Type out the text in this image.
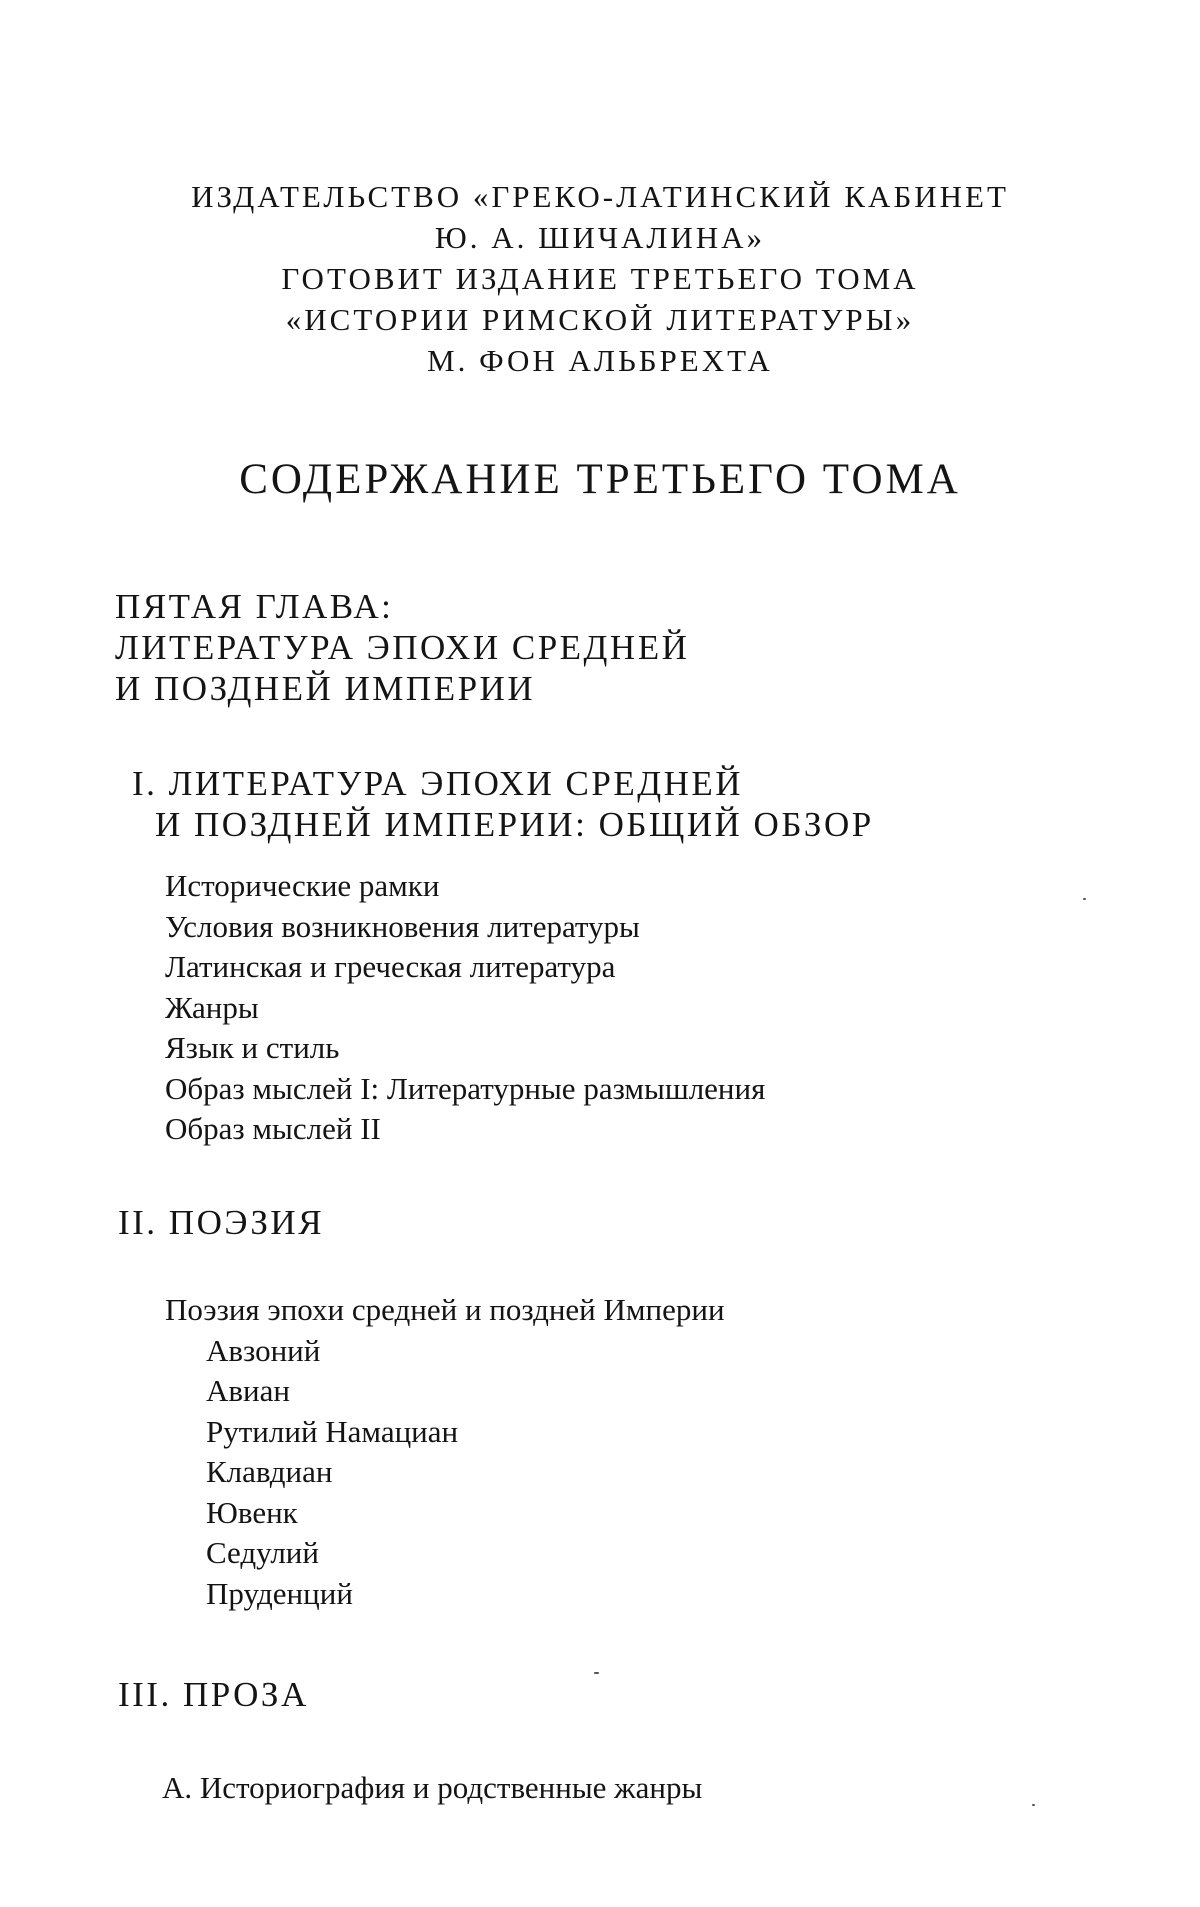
ИЗДАТЕЛЬСТВО «ГРЕКО-ЛАТИНСКИЙ КАБИНЕТ
Ю. А. ШИЧАЛИНА»
ГОТОВИТ ИЗДАНИЕ ТРЕТЬЕГО ТОМА
«ИСТОРИИ РИМСКОЙ ЛИТЕРАТУРЫ»
М. ФОН АЛЬБРЕХТА
СОДЕРЖАНИЕ ТРЕТЬЕГО ТОМА
ПЯТАЯ ГЛАВА:
ЛИТЕРАТУРА ЭПОХИ СРЕДНЕЙ
И ПОЗДНЕЙ ИМПЕРИИ
I. ЛИТЕРАТУРА ЭПОХИ СРЕДНЕЙ
И ПОЗДНЕЙ ИМПЕРИИ: ОБЩИЙ ОБЗОР
Исторические рамки
Условия возникновения литературы
Латинская и греческая литература
Жанры
Язык и стиль
Образ мыслей I: Литературные размышления
Образ мыслей II
II. ПОЭЗИЯ
Поэзия эпохи средней и поздней Империи
Авзоний
Авиан
Рутилий Намациан
Клавдиан
Ювенк
Седулий
Пруденций
III. ПРОЗА
А. Историография и родственные жанры
